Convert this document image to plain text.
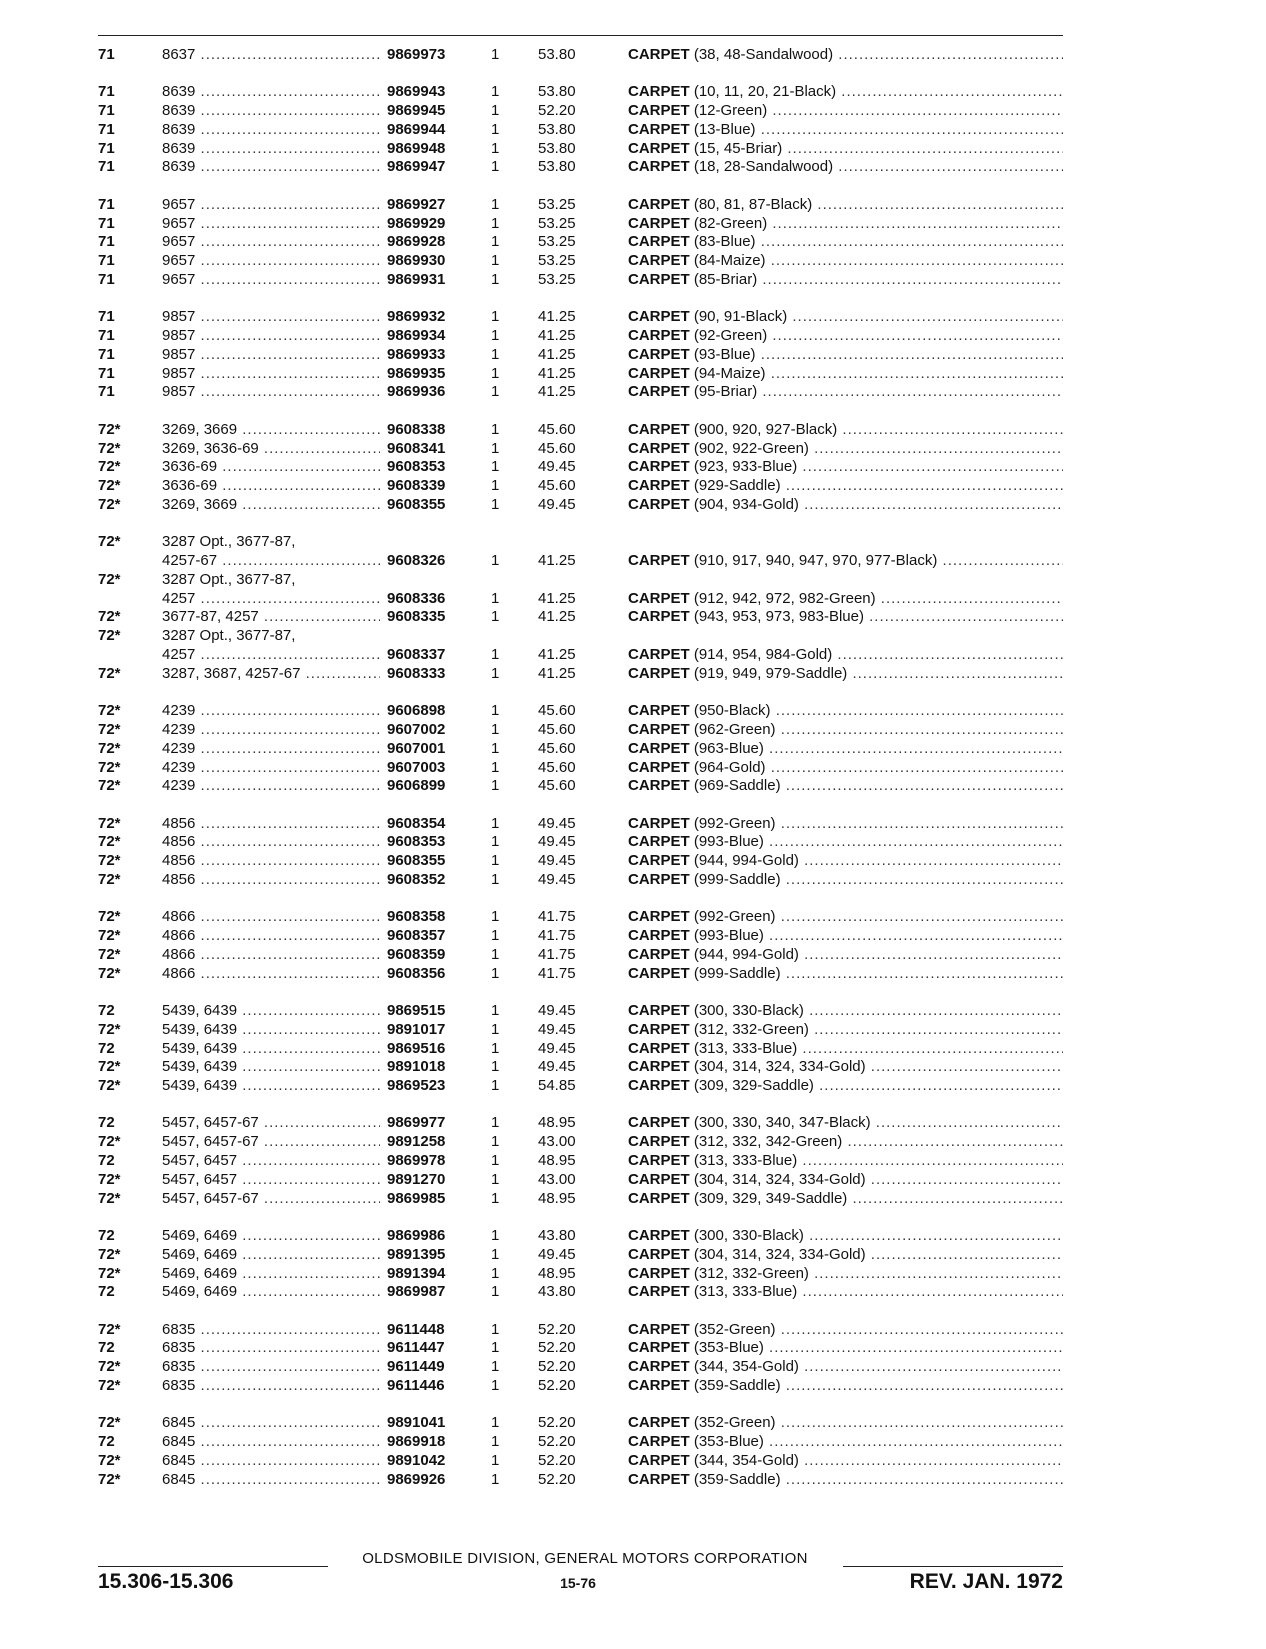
71	8637 .....	9869973	1	53.80	CARPET (38, 48-Sandalwood) .....
71	8639 .....	9869943	1	53.80	CARPET (10, 11, 20, 21-Black) .....
71	8639 .....	9869945	1	52.20	CARPET (12-Green) .....
71	8639 .....	9869944	1	53.80	CARPET (13-Blue) .....
71	8639 .....	9869948	1	53.80	CARPET (15, 45-Briar) .....
71	8639 .....	9869947	1	53.80	CARPET (18, 28-Sandalwood) .....
71	9657 .....	9869927	1	53.25	CARPET (80, 81, 87-Black) .....
71	9657 .....	9869929	1	53.25	CARPET (82-Green) .....
71	9657 .....	9869928	1	53.25	CARPET (83-Blue) .....
71	9657 .....	9869930	1	53.25	CARPET (84-Maize) .....
71	9657 .....	9869931	1	53.25	CARPET (85-Briar) .....
71	9857 .....	9869932	1	41.25	CARPET (90, 91-Black) .....
71	9857 .....	9869934	1	41.25	CARPET (92-Green) .....
71	9857 .....	9869933	1	41.25	CARPET (93-Blue) .....
71	9857 .....	9869935	1	41.25	CARPET (94-Maize) .....
71	9857 .....	9869936	1	41.25	CARPET (95-Briar) .....
72*	3269, 3669 .....	9608338	1	45.60	CARPET (900, 920, 927-Black) .....
72*	3269, 3636-69 .....	9608341	1	45.60	CARPET (902, 922-Green) .....
72*	3636-69 .....	9608353	1	49.45	CARPET (923, 933-Blue) .....
72*	3636-69 .....	9608339	1	45.60	CARPET (929-Saddle) .....
72*	3269, 3669 .....	9608355	1	49.45	CARPET (904, 934-Gold) .....
72*	3287 Opt., 3677-87,
4257-67 .....	9608326	1	41.25	CARPET (910, 917, 940, 947, 970, 977-Black) .....
72*	3287 Opt., 3677-87,
4257 .....	9608336	1	41.25	CARPET (912, 942, 972, 982-Green) .....
72*	3677-87, 4257 .....	9608335	1	41.25	CARPET (943, 953, 973, 983-Blue) .....
72*	3287 Opt., 3677-87,
4257 .....	9608337	1	41.25	CARPET (914, 954, 984-Gold) .....
72*	3287, 3687, 4257-67 .....	9608333	1	41.25	CARPET (919, 949, 979-Saddle) .....
72*	4239 .....	9606898	1	45.60	CARPET (950-Black) .....
72*	4239 .....	9607002	1	45.60	CARPET (962-Green) .....
72*	4239 .....	9607001	1	45.60	CARPET (963-Blue) .....
72*	4239 .....	9607003	1	45.60	CARPET (964-Gold) .....
72*	4239 .....	9606899	1	45.60	CARPET (969-Saddle) .....
72*	4856 .....	9608354	1	49.45	CARPET (992-Green) .....
72*	4856 .....	9608353	1	49.45	CARPET (993-Blue) .....
72*	4856 .....	9608355	1	49.45	CARPET (944, 994-Gold) .....
72*	4856 .....	9608352	1	49.45	CARPET (999-Saddle) .....
72*	4866 .....	9608358	1	41.75	CARPET (992-Green) .....
72*	4866 .....	9608357	1	41.75	CARPET (993-Blue) .....
72*	4866 .....	9608359	1	41.75	CARPET (944, 994-Gold) .....
72*	4866 .....	9608356	1	41.75	CARPET (999-Saddle) .....
72	5439, 6439 .....	9869515	1	49.45	CARPET (300, 330-Black) .....
72*	5439, 6439 .....	9891017	1	49.45	CARPET (312, 332-Green) .....
72	5439, 6439 .....	9869516	1	49.45	CARPET (313, 333-Blue) .....
72*	5439, 6439 .....	9891018	1	49.45	CARPET (304, 314, 324, 334-Gold) .....
72*	5439, 6439 .....	9869523	1	54.85	CARPET (309, 329-Saddle) .....
72	5457, 6457-67 .....	9869977	1	48.95	CARPET (300, 330, 340, 347-Black) .....
72*	5457, 6457-67 .....	9891258	1	43.00	CARPET (312, 332, 342-Green) .....
72	5457, 6457 .....	9869978	1	48.95	CARPET (313, 333-Blue) .....
72*	5457, 6457 .....	9891270	1	43.00	CARPET (304, 314, 324, 334-Gold) .....
72*	5457, 6457-67 .....	9869985	1	48.95	CARPET (309, 329, 349-Saddle) .....
72	5469, 6469 .....	9869986	1	43.80	CARPET (300, 330-Black) .....
72*	5469, 6469 .....	9891395	1	49.45	CARPET (304, 314, 324, 334-Gold) .....
72*	5469, 6469 .....	9891394	1	48.95	CARPET (312, 332-Green) .....
72	5469, 6469 .....	9869987	1	43.80	CARPET (313, 333-Blue) .....
72*	6835 .....	9611448	1	52.20	CARPET (352-Green) .....
72	6835 .....	9611447	1	52.20	CARPET (353-Blue) .....
72*	6835 .....	9611449	1	52.20	CARPET (344, 354-Gold) .....
72*	6835 .....	9611446	1	52.20	CARPET (359-Saddle) .....
72*	6845 .....	9891041	1	52.20	CARPET (352-Green) .....
72	6845 .....	9869918	1	52.20	CARPET (353-Blue) .....
72*	6845 .....	9891042	1	52.20	CARPET (344, 354-Gold) .....
72*	6845 .....	9869926	1	52.20	CARPET (359-Saddle) .....
OLDSMOBILE DIVISION, GENERAL MOTORS CORPORATION
15.306-15.306	15-76	REV. JAN. 1972
